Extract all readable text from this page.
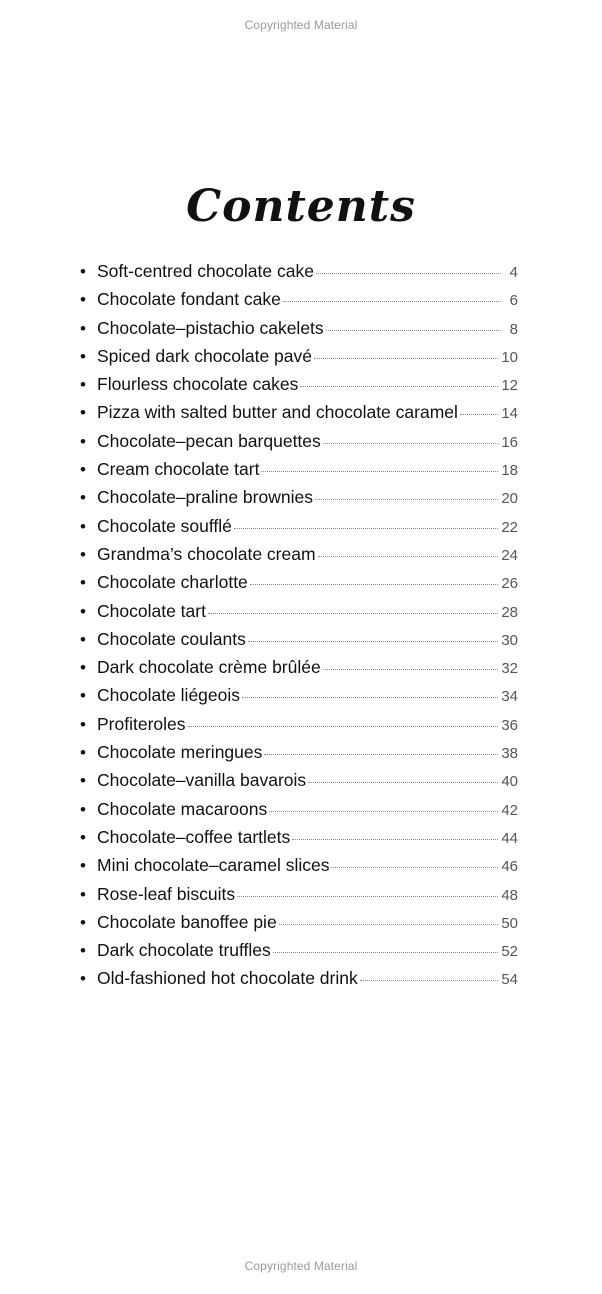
Copyrighted Material
Contents
• Soft-centred chocolate cake	4
• Chocolate fondant cake	6
• Chocolate–pistachio cakelets	8
• Spiced dark chocolate pavé	10
• Flourless chocolate cakes	12
• Pizza with salted butter and chocolate caramel	14
• Chocolate–pecan barquettes	16
• Cream chocolate tart	18
• Chocolate–praline brownies	20
• Chocolate soufflé	22
• Grandma’s chocolate cream	24
• Chocolate charlotte	26
• Chocolate tart	28
• Chocolate coulants	30
• Dark chocolate crème brûlée	32
• Chocolate liégeois	34
• Profiteroles	36
• Chocolate meringues	38
• Chocolate–vanilla bavarois	40
• Chocolate macaroons	42
• Chocolate–coffee tartlets	44
• Mini chocolate–caramel slices	46
• Rose-leaf biscuits	48
• Chocolate banoffee pie	50
• Dark chocolate truffles	52
• Old-fashioned hot chocolate drink	54
Copyrighted Material
